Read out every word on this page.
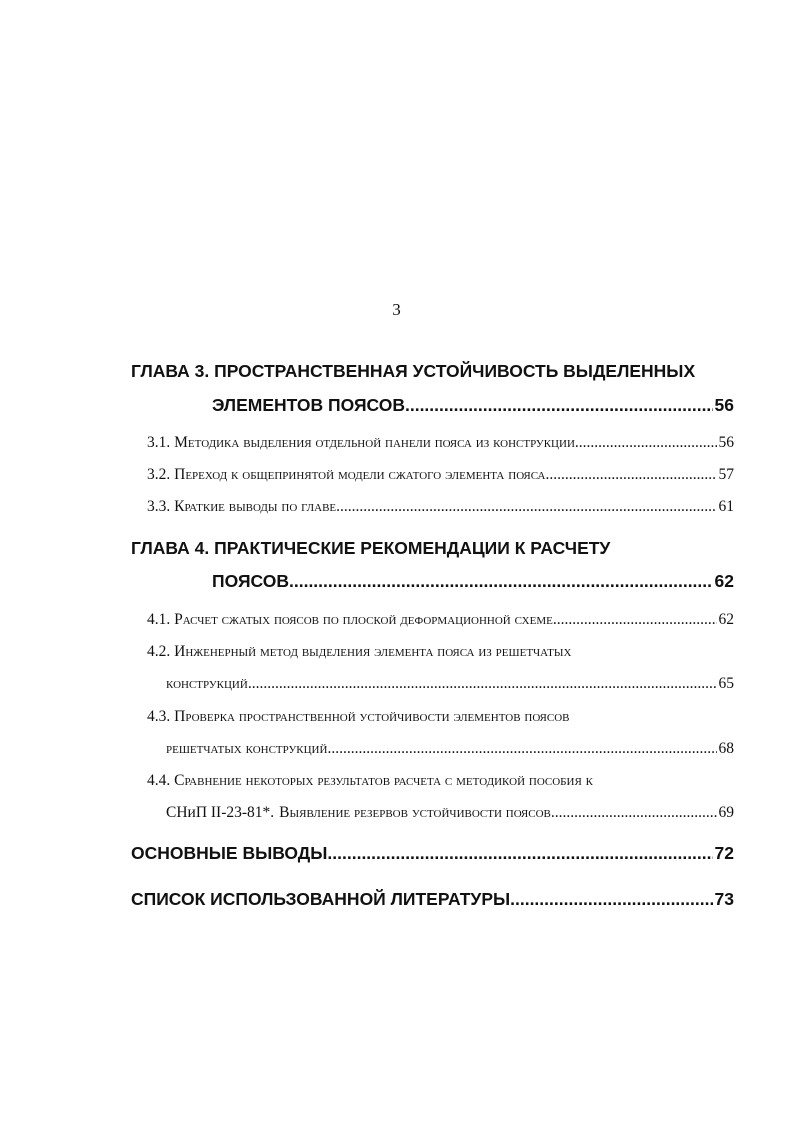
3
ГЛАВА 3. ПРОСТРАНСТВЕННАЯ УСТОЙЧИВОСТЬ ВЫДЕЛЕННЫХ
ЭЛЕМЕНТОВ ПОЯСОВ. .....	56
3.1. Методика выделения отдельной панели пояса из конструкции. .....	56
3.2. Переход к общепринятой модели сжатого элемента пояса .....	57
3.3. Краткие выводы по главе .....	61
ГЛАВА 4. ПРАКТИЧЕСКИЕ РЕКОМЕНДАЦИИ К РАСЧЕТУ
ПОЯСОВ .....	62
4.1. Расчет сжатых поясов по плоской деформационной схеме .....	62
4.2. Инженерный метод выделения элемента пояса из решетчатых
конструкций .....	65
4.3. Проверка пространственной устойчивости элементов поясов
решетчатых конструкций .....	68
4.4. Сравнение некоторых результатов расчета с методикой пособия к
СНиП II-23-81*. Выявление резервов устойчивости поясов. .....	69
ОСНОВНЫЕ ВЫВОДЫ .....	72
СПИСОК ИСПОЛЬЗОВАННОЙ ЛИТЕРАТУРЫ .....	73
